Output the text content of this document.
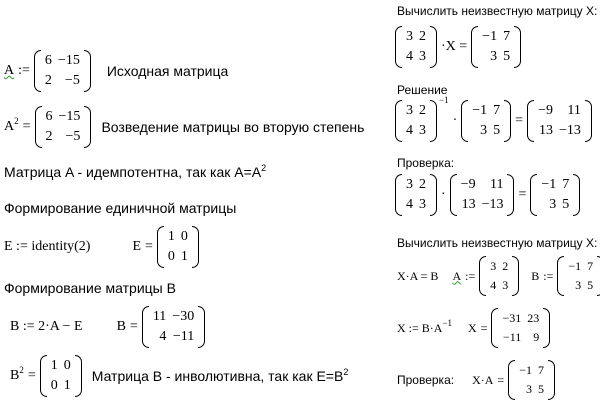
A :=
6 −15
2 −5
Исходная матрица
$A^2$ =
6 −15
2 −5
Возведение матрицы во вторую степень
Матрица A - идемпотентна, так как $A=A^2$
Формирование единичной матрицы
E := identity(2)	E =
1 0
0 1
Формирование матрицы B
B := 2·A − E B =
11 −30
4 −11
$B^2$ =
1 0
0 1
Матрица B - инволютивна, так как $E=B^2$
Вычислить неизвестную матрицу X:
3 2
4 3
·X =
−1 7
3 5
Решение
3 2
4 3
−1
·
−1 7
3 5
=
−9	11
13 −13
Проверка:
3 2
4 3
·
−9	11
13 −13
=
−1 7
3 5
Вычислить неизвестную матрицу X:
X·A = B A :=
3 2
4 3
B :=
−1 7
3 5
X := $B\cdot A^{-1}$ X =
−31 23
−11	9
Проверка: X·A =
−1 7
3 5
